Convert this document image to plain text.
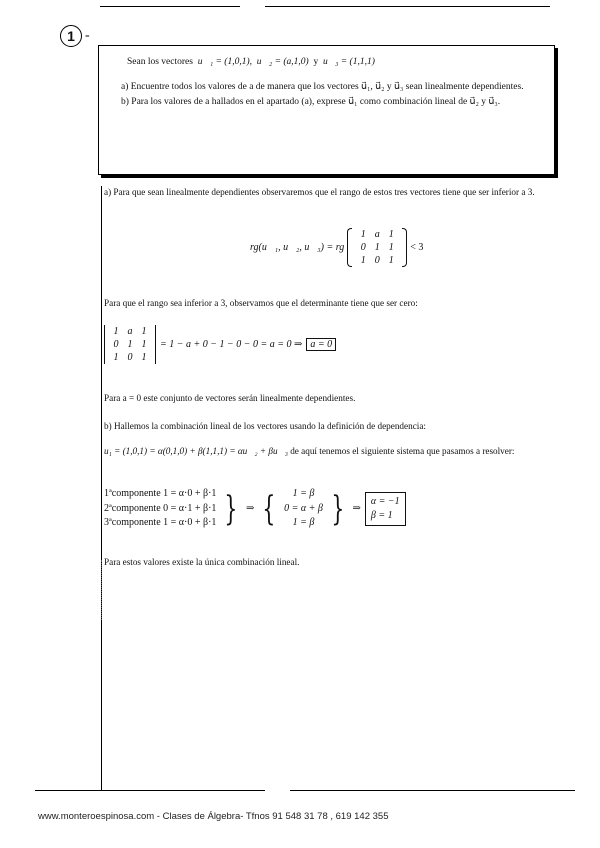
1 -

Sean los vectores u⃗₁ = (1,0,1),  u⃗₂ = (a,1,0) y u⃗₃ = (1,1,1)

a) Encuentre todos los valores de a de manera que los vectores u⃗₁, u⃗₂ y u⃗₃ sean linealmente dependientes.

b) Para los valores de a hallados en el apartado (a), exprese u⃗₁ como combinación lineal de u⃗₂ y u⃗₃.

a) Para que sean linealmente dependientes observaremos que el rango de estos tres vectores tiene que ser inferior a 3.
rg(u⃗₁, u⃗₂, u⃗₃) = rg
1 a 1
0 1 1
1 0 1
< 3
Para que el rango sea inferior a 3, observamos que el determinante tiene que ser cero:
1 a 1
0 1 1
1 0 1
= 1 − a + 0 − 1 − 0 − 0 = a = 0 ⇒ a = 0
Para a = 0 este conjunto de vectores serán linealmente dependientes.
b) Hallemos la combinación lineal de los vectores usando la definición de dependencia:
u₁ = (1,0,1) = α(0,1,0) + β(1,1,1) = αu⃗₂ + βu⃗₃ de aquí tenemos el siguiente sistema que pasamos a resolver:
1ªcomponente 1 = α·0 + β·1
2ªcomponente 0 = α·1 + β·1
3ªcomponente 1 = α·0 + β·1 } ⇒ {	1 = β
0 = α + β
1 = β } ⇒
α = −1
β = 1
Para estos valores existe la única combinación lineal.
www.monteroespinosa.com - Clases de Álgebra- Tfnos 91 548 31 78 , 619 142 355
